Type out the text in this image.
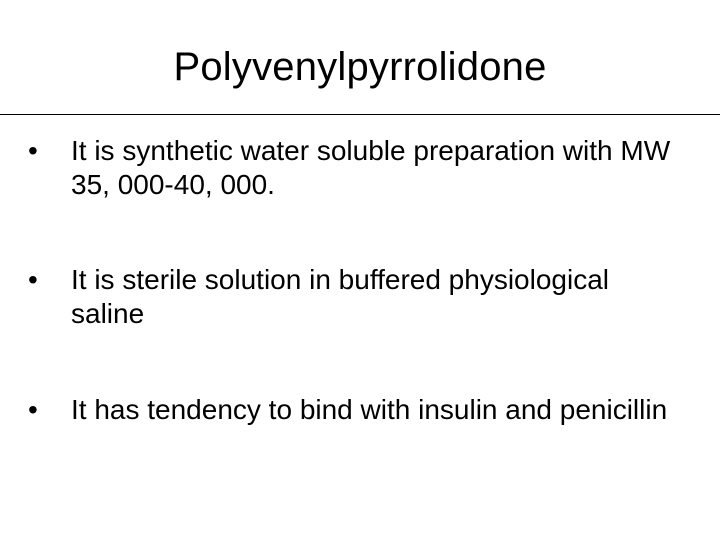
Polyvenylpyrrolidone
• It is synthetic water soluble preparation with MW 35, 000-40, 000.
• It is sterile solution in buffered physiological saline
• It has tendency to bind with insulin and penicillin
